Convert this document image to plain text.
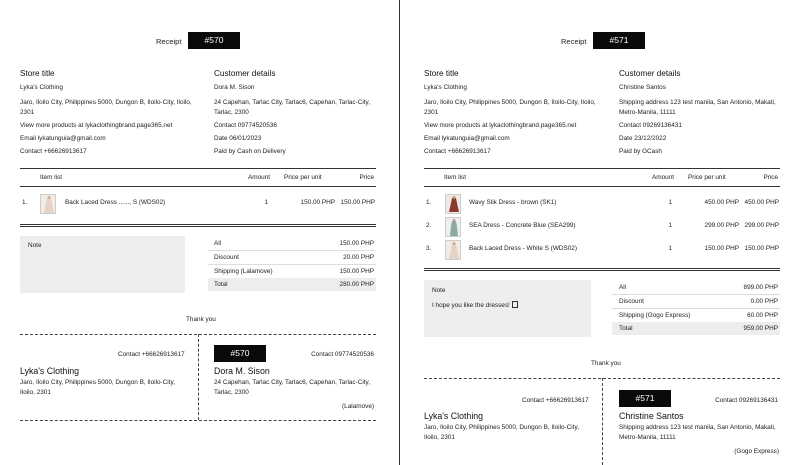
Receipt	#570
Store title
Lyka's Clothing
Jaro, Iloilo City, Philippines 5000, Dungon B, Iloilo-City, Iloilo,
2301
View more products at lykaclothingbrand.page365.net
Email lykatunguia@gmail.com
Contact +66626913617
Customer details
Dora M. Sison
24 Capehan, Tarlac City, Tarlac6, Capehan, Tarlac-City,
Tarlac, 2300
Contact 09774520536
Date 06/01/2023
Paid by Cash on Delivery
Item list	Amount Price per unit	Price
1.	Back Laced Dress ......, S (WDS02)	1	150.00 PHP 150.00 PHP
Note	All	150.00 PHP
Discount	20.00 PHP
Shipping (Lalamove)	150.00 PHP
Total	280.00 PHP
Thank you
Contact +66626913617
Lyka's Clothing
Jaro, Iloilo City, Philippines 5000, Dungon B, Iloilo-City,
Iloilo, 2301
#570	Contact 09774520536
Dora M. Sison
24 Capehan, Tarlac City, Tarlac6, Capehan, Tarlac-City,
Tarlac, 2300
(Lalamove)
Receipt	#571
Store title
Lyka's Clothing
Jaro, Iloilo City, Philippines 5000, Dungon B, Iloilo-City, Iloilo,
2301
View more products at lykaclothingbrand.page365.net
Email lykatunguia@gmail.com
Contact +66626913617
Customer details
Christine Santos
Shipping address 123 test manila, San Antonio, Makati,
Metro-Manila, 11111
Contact 09269136431
Date 23/12/2022
Paid by GCash
Item list	Amount Price per unit	Price
1.	Wavy Slik Dress - brown (SK1)	1	450.00 PHP 450.00 PHP
2.	SEA Dress - Concrete Blue (SEA299)	1	299.00 PHP 299.00 PHP
3.	Back Laced Dress - White S (WDS02)	1	150.00 PHP 150.00 PHP
Note
I hope you like the dresses!
All	899.00 PHP
Discount	0.00 PHP
Shipping (Gogo Express)	60.00 PHP
Total	959.00 PHP
Thank you
Contact +66626913617
Lyka's Clothing
Jaro, Iloilo City, Philippines 5000, Dungon B, Iloilo-City,
Iloilo, 2301
#571	Contact 09269136431
Christine Santos
Shipping address 123 test manila, San Antonio, Makati,
Metro-Manila, 11111
(Gogo Express)
